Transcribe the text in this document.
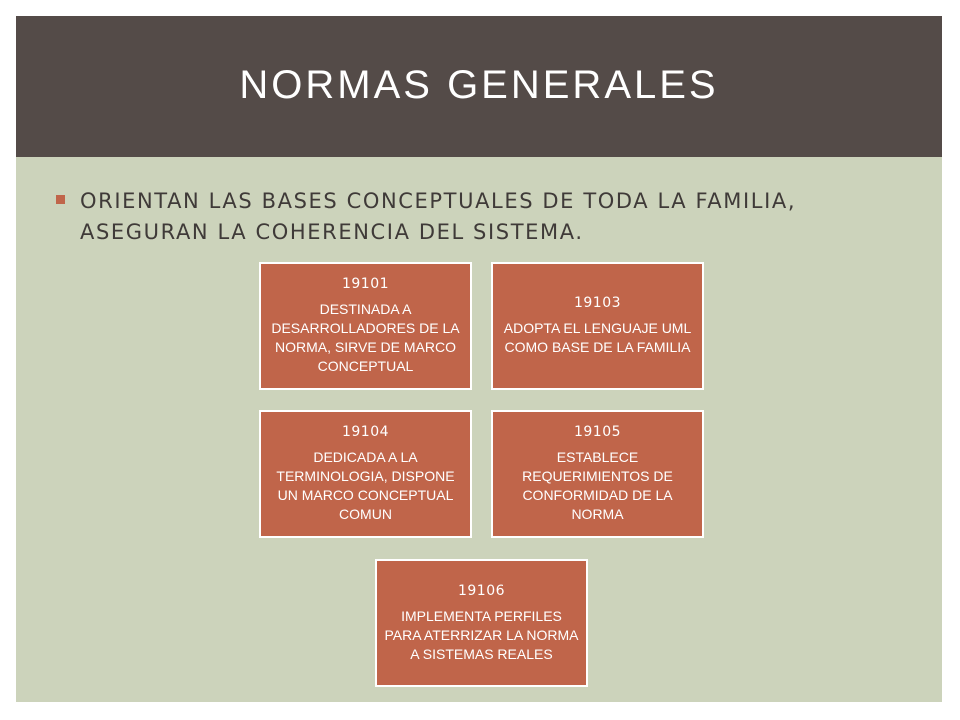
NORMAS GENERALES
ORIENTAN LAS BASES CONCEPTUALES DE TODA LA FAMILIA, ASEGURAN LA COHERENCIA DEL SISTEMA.
19101
DESTINADA A DESARROLLADORES DE LA NORMA, SIRVE DE MARCO CONCEPTUAL
19103
ADOPTA EL LENGUAJE UML COMO BASE DE LA FAMILIA
19104
DEDICADA A LA TERMINOLOGIA, DISPONE UN MARCO CONCEPTUAL COMUN
19105
ESTABLECE REQUERIMIENTOS DE CONFORMIDAD DE LA NORMA
19106
IMPLEMENTA PERFILES PARA ATERRIZAR LA NORMA A SISTEMAS REALES
